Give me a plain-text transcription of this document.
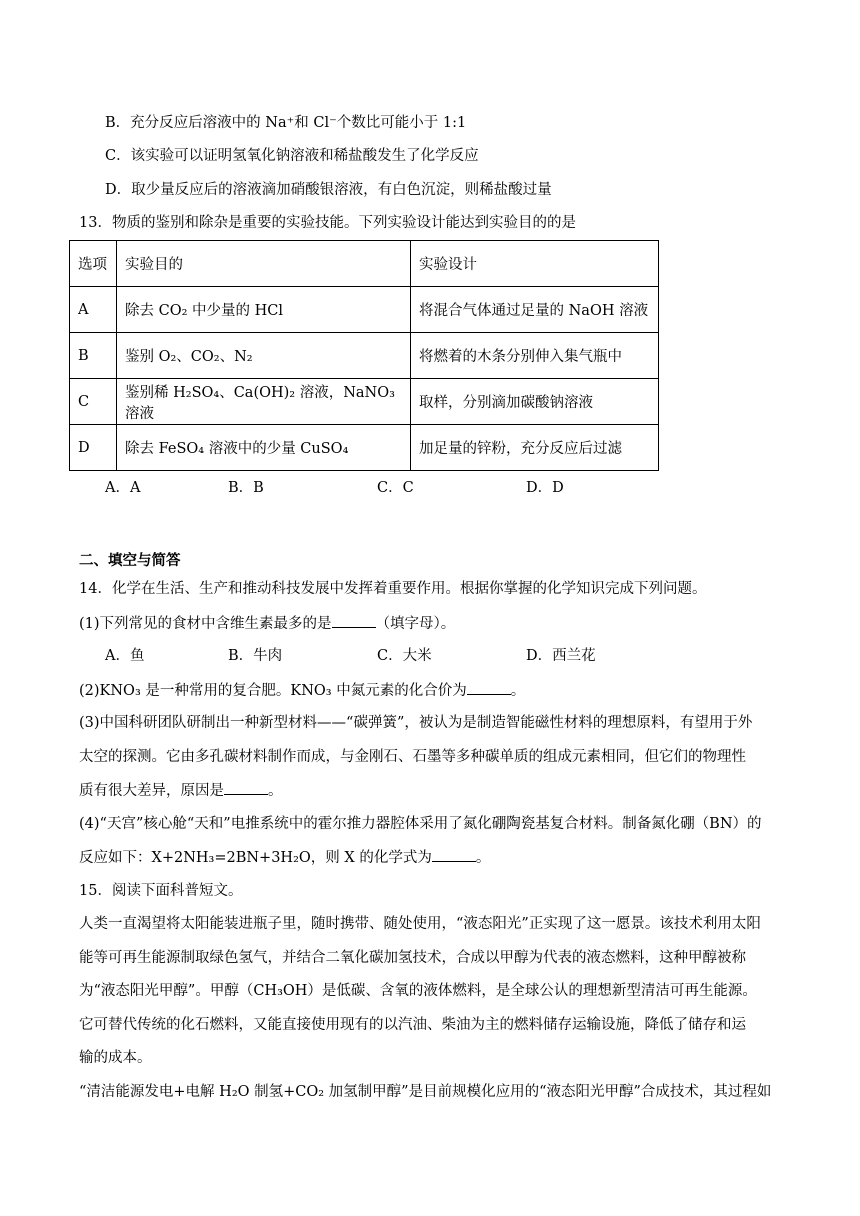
B．充分反应后溶液中的 Na⁺和 Cl⁻个数比可能小于 1:1
C．该实验可以证明氢氧化钠溶液和稀盐酸发生了化学反应
D．取少量反应后的溶液滴加硝酸银溶液，有白色沉淀，则稀盐酸过量
13．物质的鉴别和除杂是重要的实验技能。下列实验设计能达到实验目的的是
选项	实验目的	实验设计
A	除去 CO₂ 中少量的 HCl	将混合气体通过足量的 NaOH 溶液
B	鉴别 O₂、CO₂、N₂	将燃着的木条分别伸入集气瓶中
C	鉴别稀 H₂SO₄、Ca(OH)₂ 溶液，NaNO₃ 溶液	取样，分别滴加碳酸钠溶液
D	除去 FeSO₄ 溶液中的少量 CuSO₄	加足量的锌粉，充分反应后过滤
A．A	B．B	C．C	D．D
二、填空与简答
14．化学在生活、生产和推动科技发展中发挥着重要作用。根据你掌握的化学知识完成下列问题。
(1)下列常见的食材中含维生素最多的是	（填字母）。
A．鱼	B．牛肉	C．大米	D．西兰花
(2)KNO₃ 是一种常用的复合肥。KNO₃ 中氮元素的化合价为	。
(3)中国科研团队研制出一种新型材料——“碳弹簧”，被认为是制造智能磁性材料的理想原料，有望用于外
太空的探测。它由多孔碳材料制作而成，与金刚石、石墨等多种碳单质的组成元素相同，但它们的物理性
质有很大差异，原因是	。
(4)“天宫”核心舱“天和”电推系统中的霍尔推力器腔体采用了氮化硼陶瓷基复合材料。制备氮化硼（BN）的
反应如下：X+2NH₃=2BN+3H₂O，则 X 的化学式为	。
15．阅读下面科普短文。
人类一直渴望将太阳能装进瓶子里，随时携带、随处使用，“液态阳光”正实现了这一愿景。该技术利用太阳
能等可再生能源制取绿色氢气，并结合二氧化碳加氢技术，合成以甲醇为代表的液态燃料，这种甲醇被称
为“液态阳光甲醇”。甲醇（CH₃OH）是低碳、含氧的液体燃料，是全球公认的理想新型清洁可再生能源。
它可替代传统的化石燃料，又能直接使用现有的以汽油、柴油为主的燃料储存运输设施，降低了储存和运
输的成本。
“清洁能源发电+电解 H₂O 制氢+CO₂ 加氢制甲醇”是目前规模化应用的“液态阳光甲醇”合成技术，其过程如
